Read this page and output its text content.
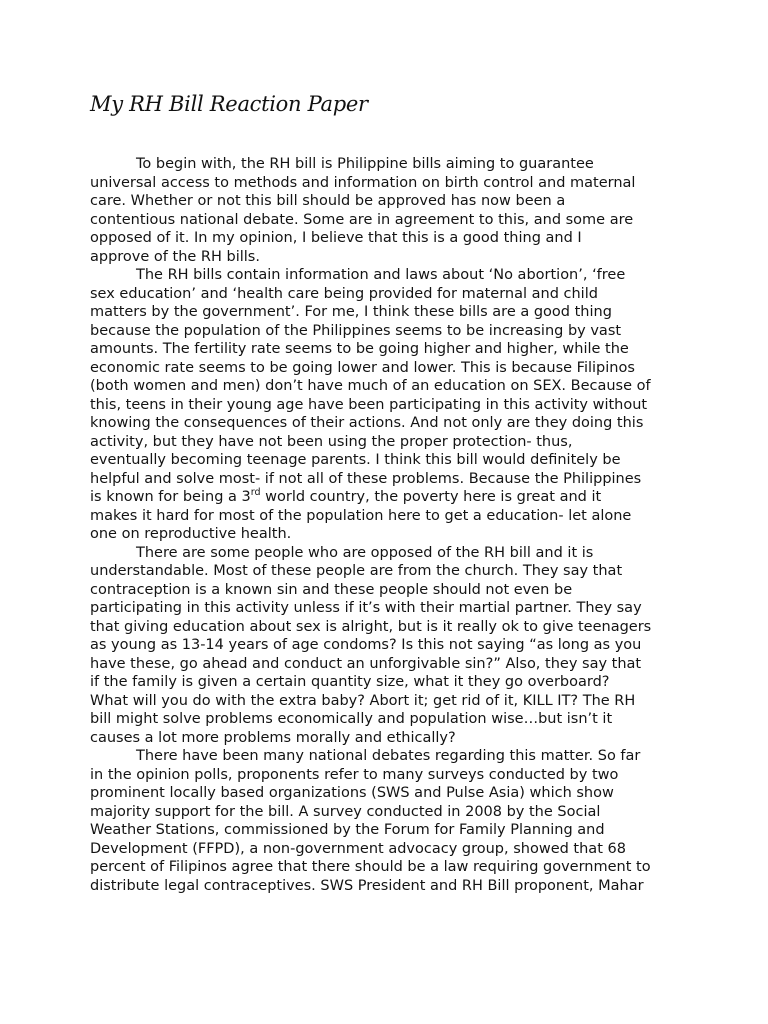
My RH Bill Reaction Paper

To begin with, the RH bill is Philippine bills aiming to guarantee
universal access to methods and information on birth control and maternal
care. Whether or not this bill should be approved has now been a
contentious national debate. Some are in agreement to this, and some are
opposed of it. In my opinion, I believe that this is a good thing and I
approve of the RH bills.

The RH bills contain information and laws about ‘No abortion’, ‘free
sex education’ and ‘health care being provided for maternal and child
matters by the government’. For me, I think these bills are a good thing
because the population of the Philippines seems to be increasing by vast
amounts. The fertility rate seems to be going higher and higher, while the
economic rate seems to be going lower and lower. This is because Filipinos
(both women and men) don’t have much of an education on SEX. Because of
this, teens in their young age have been participating in this activity without
knowing the consequences of their actions. And not only are they doing this
activity, but they have not been using the proper protection- thus,
eventually becoming teenage parents. I think this bill would definitely be
helpful and solve most- if not all of these problems. Because the Philippines
is known for being a 3rd world country, the poverty here is great and it
makes it hard for most of the population here to get a education- let alone
one on reproductive health.

There are some people who are opposed of the RH bill and it is
understandable. Most of these people are from the church. They say that
contraception is a known sin and these people should not even be
participating in this activity unless if it’s with their martial partner. They say
that giving education about sex is alright, but is it really ok to give teenagers
as young as 13-14 years of age condoms? Is this not saying “as long as you
have these, go ahead and conduct an unforgivable sin?” Also, they say that
if the family is given a certain quantity size, what it they go overboard?
What will you do with the extra baby? Abort it; get rid of it, KILL IT? The RH
bill might solve problems economically and population wise…but isn’t it
causes a lot more problems morally and ethically?

There have been many national debates regarding this matter. So far
in the opinion polls, proponents refer to many surveys conducted by two
prominent locally based organizations (SWS and Pulse Asia) which show
majority support for the bill. A survey conducted in 2008 by the Social
Weather Stations, commissioned by the Forum for Family Planning and
Development (FFPD), a non-government advocacy group, showed that 68
percent of Filipinos agree that there should be a law requiring government to
distribute legal contraceptives. SWS President and RH Bill proponent, Mahar
